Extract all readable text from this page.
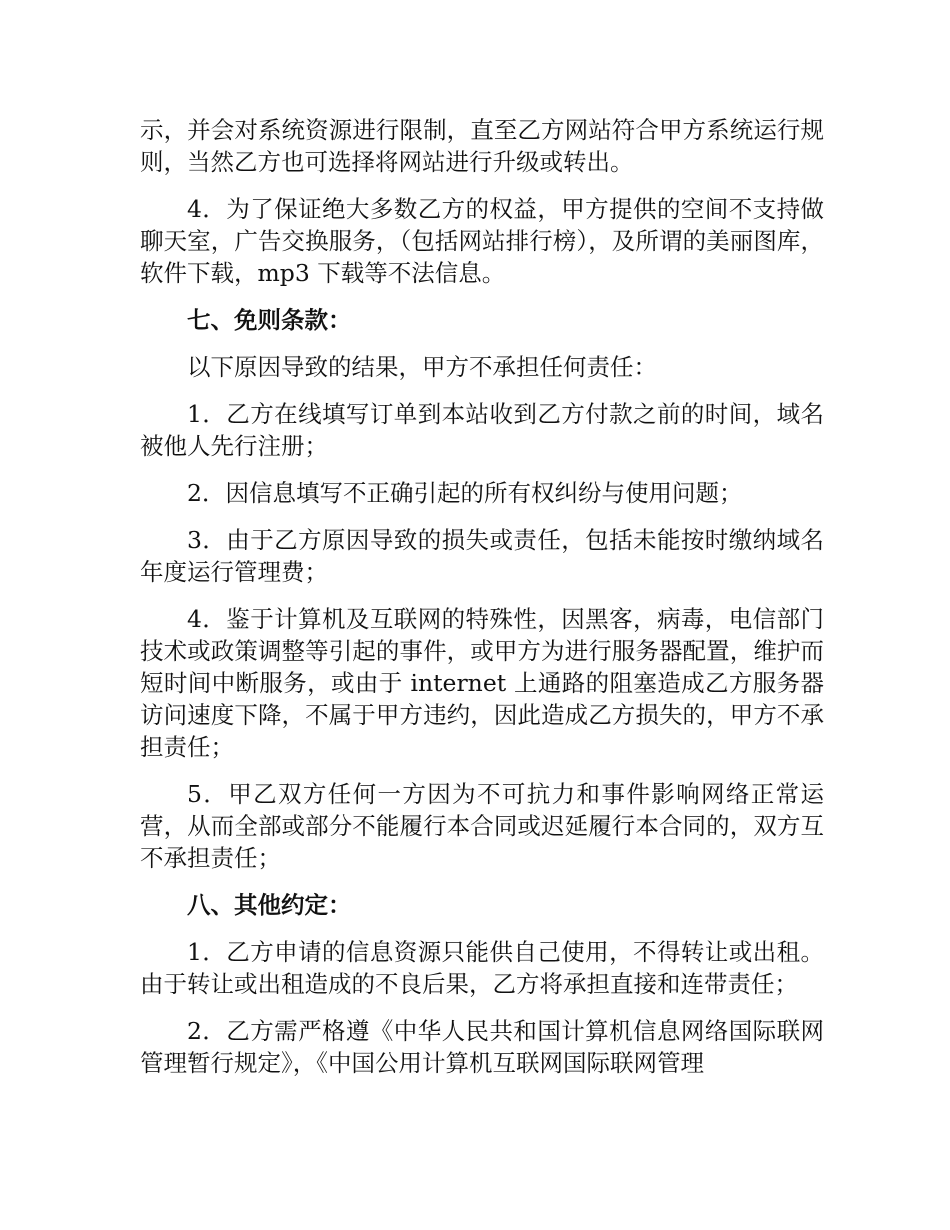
示，并会对系统资源进行限制，直至乙方网站符合甲方系统运行规则，当然乙方也可选择将网站进行升级或转出。

4．为了保证绝大多数乙方的权益，甲方提供的空间不支持做聊天室，广告交换服务，（包括网站排行榜），及所谓的美丽图库，软件下载，mp3 下载等不法信息。

七、免则条款：

以下原因导致的结果，甲方不承担任何责任：

1．乙方在线填写订单到本站收到乙方付款之前的时间，域名被他人先行注册；

2．因信息填写不正确引起的所有权纠纷与使用问题；

3．由于乙方原因导致的损失或责任，包括未能按时缴纳域名年度运行管理费；

4．鉴于计算机及互联网的特殊性，因黑客，病毒，电信部门技术或政策调整等引起的事件，或甲方为进行服务器配置，维护而短时间中断服务，或由于 internet 上通路的阻塞造成乙方服务器访问速度下降，不属于甲方违约，因此造成乙方损失的，甲方不承担责任；

5．甲乙双方任何一方因为不可抗力和事件影响网络正常运营，从而全部或部分不能履行本合同或迟延履行本合同的，双方互不承担责任；

八、其他约定：

1．乙方申请的信息资源只能供自己使用，不得转让或出租。由于转让或出租造成的不良后果，乙方将承担直接和连带责任；

2．乙方需严格遵《中华人民共和国计算机信息网络国际联网管理暂行规定》，《中国公用计算机互联网国际联网管理
